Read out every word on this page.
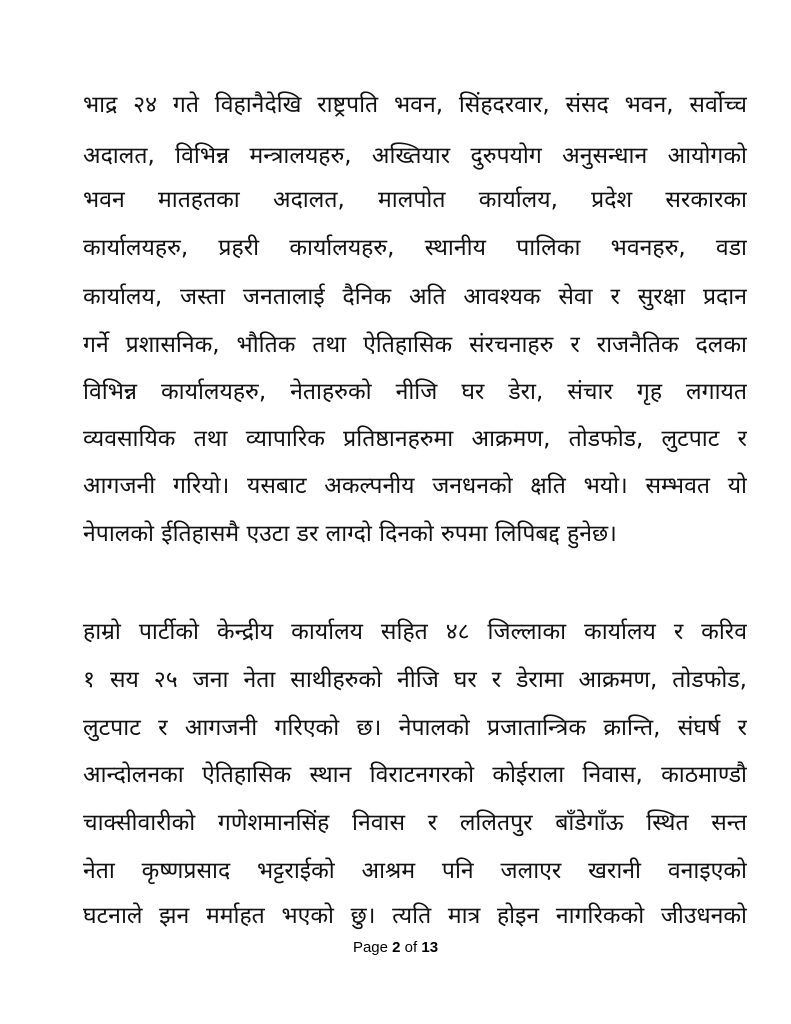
भाद्र २४ गते विहानैदेखि राष्ट्रपति भवन, सिंहदरवार, संसद भवन, सर्वोच्च
अदालत, विभिन्न मन्त्रालयहरु, अख्तियार दुरुपयोग अनुसन्धान आयोगको
भवन मातहतका अदालत, मालपोत कार्यालय, प्रदेश सरकारका
कार्यालयहरु, प्रहरी कार्यालयहरु, स्थानीय पालिका भवनहरु, वडा
कार्यालय, जस्ता जनतालाई दैनिक अति आवश्यक सेवा र सुरक्षा प्रदान
गर्ने प्रशासनिक, भौतिक तथा ऐतिहासिक संरचनाहरु र राजनैतिक दलका
विभिन्न कार्यालयहरु, नेताहरुको नीजि घर डेरा, संचार गृह लगायत
व्यवसायिक तथा व्यापारिक प्रतिष्ठानहरुमा आक्रमण, तोडफोड, लुटपाट र
आगजनी गरियो। यसबाट अकल्पनीय जनधनको क्षति भयो। सम्भवत यो
नेपालको ईतिहासमै एउटा डर लाग्दो दिनको रुपमा लिपिबद्द हुनेछ।
हाम्रो पार्टीको केन्द्रीय कार्यालय सहित ४८ जिल्लाका कार्यालय र करिव
१ सय २५ जना नेता साथीहरुको नीजि घर र डेरामा आक्रमण, तोडफोड,
लुटपाट र आगजनी गरिएको छ। नेपालको प्रजातान्त्रिक क्रान्ति, संघर्ष र
आन्दोलनका ऐतिहासिक स्थान विराटनगरको कोईराला निवास, काठमाण्डौ
चाक्सीवारीको गणेशमानसिंह निवास र ललितपुर बाँडेगाँऊ स्थित सन्त
नेता कृष्णप्रसाद भट्टराईको आश्रम पनि जलाएर खरानी वनाइएको
घटनाले झन मर्माहत भएको छु। त्यति मात्र होइन नागरिकको जीउधनको
Page 2 of 13
